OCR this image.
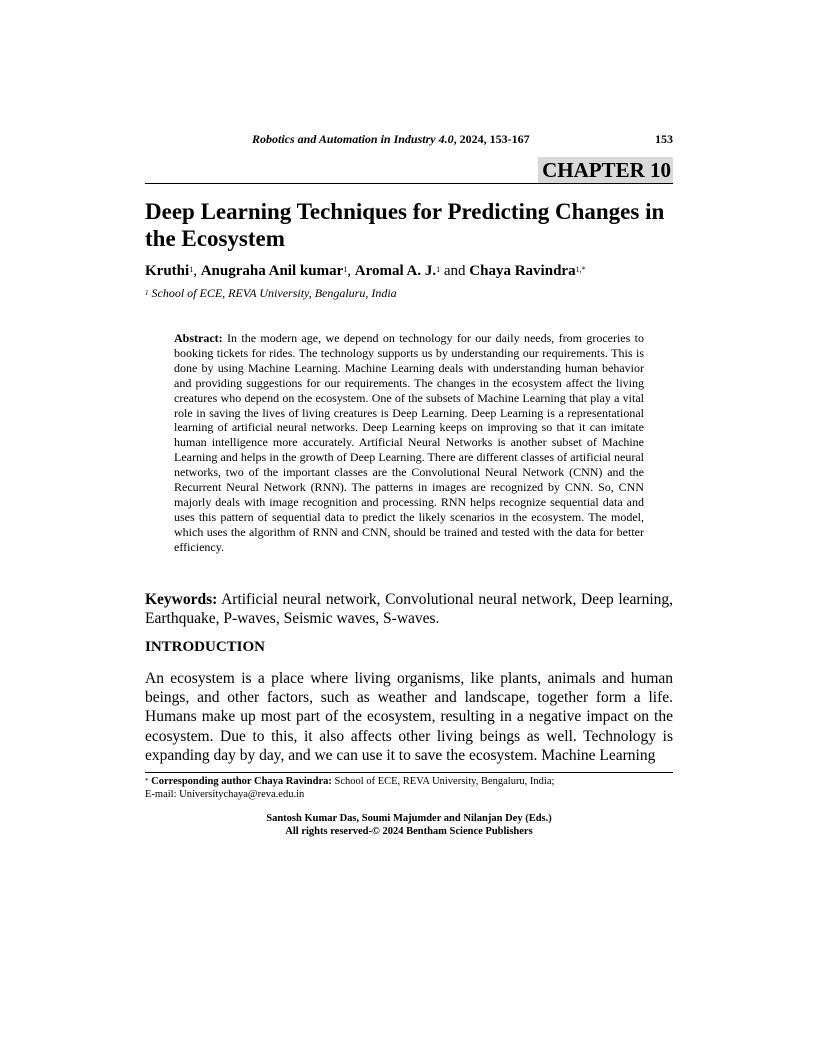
Robotics and Automation in Industry 4.0, 2024, 153-167	153
CHAPTER 10
Deep Learning Techniques for Predicting Changes in the Ecosystem
Kruthi$^1$, Anugraha Anil kumar$^1$, Aromal A. J.$^1$ and Chaya Ravindra$^{1,*}$
$^1$ School of ECE, REVA University, Bengaluru, India
Abstract: In the modern age, we depend on technology for our daily needs, from groceries to booking tickets for rides. The technology supports us by understanding our requirements. This is done by using Machine Learning. Machine Learning deals with understanding human behavior and providing suggestions for our requirements. The changes in the ecosystem affect the living creatures who depend on the ecosystem. One of the subsets of Machine Learning that play a vital role in saving the lives of living creatures is Deep Learning. Deep Learning is a representational learning of artificial neural networks. Deep Learning keeps on improving so that it can imitate human intelligence more accurately. Artificial Neural Networks is another subset of Machine Learning and helps in the growth of Deep Learning. There are different classes of artificial neural networks, two of the important classes are the Convolutional Neural Network (CNN) and the Recurrent Neural Network (RNN). The patterns in images are recognized by CNN. So, CNN majorly deals with image recognition and processing. RNN helps recognize sequential data and uses this pattern of sequential data to predict the likely scenarios in the ecosystem. The model, which uses the algorithm of RNN and CNN, should be trained and tested with the data for better efficiency.
Keywords: Artificial neural network, Convolutional neural network, Deep learning, Earthquake, P-waves, Seismic waves, S-waves.
INTRODUCTION
An ecosystem is a place where living organisms, like plants, animals and human beings, and other factors, such as weather and landscape, together form a life. Humans make up most part of the ecosystem, resulting in a negative impact on the ecosystem. Due to this, it also affects other living beings as well. Technology is expanding day by day, and we can use it to save the ecosystem. Machine Learning
* Corresponding author Chaya Ravindra: School of ECE, REVA University, Bengaluru, India;
E-mail: Universitychaya@reva.edu.in
Santosh Kumar Das, Soumi Majumder and Nilanjan Dey (Eds.)
All rights reserved-© 2024 Bentham Science Publishers
